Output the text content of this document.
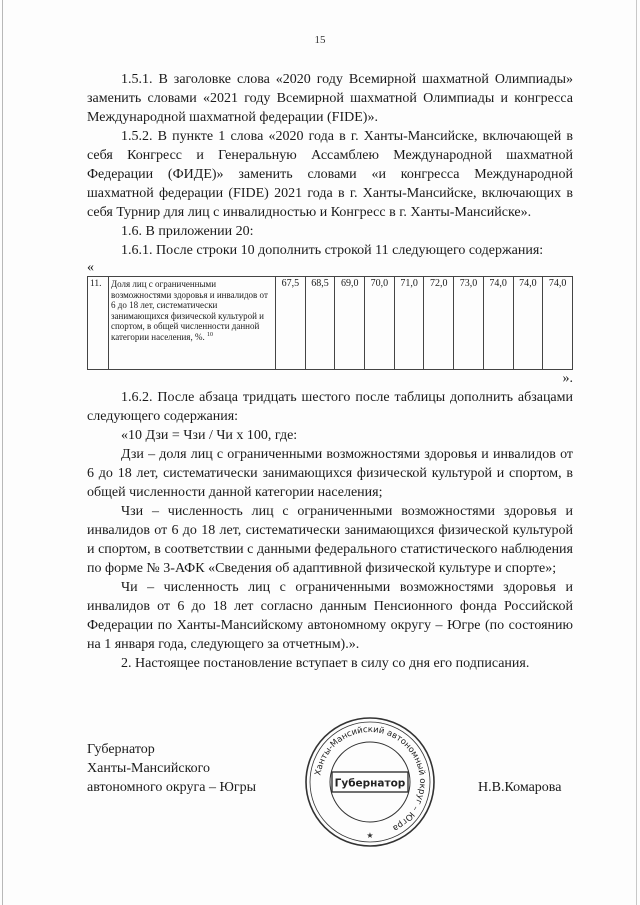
15

1.5.1. В заголовке слова «2020 году Всемирной шахматной Олимпиады» заменить словами «2021 году Всемирной шахматной Олимпиады и конгресса Международной шахматной федерации (FIDE)».

1.5.2. В пункте 1 слова «2020 года в г. Ханты-Мансийске, включающей в себя Конгресс и Генеральную Ассамблею Международной шахматной Федерации (ФИДЕ)» заменить словами «и конгресса Международной шахматной федерации (FIDE) 2021 года в г. Ханты-Мансийске, включающих в себя Турнир для лиц с инвалидностью и Конгресс в г. Ханты-Мансийске».

1.6. В приложении 20:

1.6.1. После строки 10 дополнить строкой 11 следующего содержания:

«
11.	Доля лиц с ограниченными возможностями здоровья и инвалидов от 6 до 18 лет, систематически занимающихся физической культурой и спортом, в общей численности данной категории населения, %. $^{10}$	67,5	68,5	69,0	70,0	71,0	72,0	73,0	74,0	74,0	74,0
».

1.6.2. После абзаца тридцать шестого после таблицы дополнить абзацами следующего содержания:

«10 Дзи = Чзи / Чи x 100, где:

Дзи – доля лиц с ограниченными возможностями здоровья и инвалидов от 6 до 18 лет, систематически занимающихся физической культурой и спортом, в общей численности данной категории населения;

Чзи – численность лиц с ограниченными возможностями здоровья и инвалидов от 6 до 18 лет, систематически занимающихся физической культурой и спортом, в соответствии с данными федерального статистического наблюдения по форме № 3-АФК «Сведения об адаптивной физической культуре и спорте»;

Чи – численность лиц с ограниченными возможностями здоровья и инвалидов от 6 до 18 лет согласно данным Пенсионного фонда Российской Федерации по Ханты-Мансийскому автономному округу – Югре (по состоянию на 1 января года, следующего за отчетным).».

2. Настоящее постановление вступает в силу со дня его подписания.

Губернатор
Ханты-Мансийского
автономного округа – Югры	Н.В.Комарова
Ханты-Мансийский автономный округ – Югра
Губернатор
★
